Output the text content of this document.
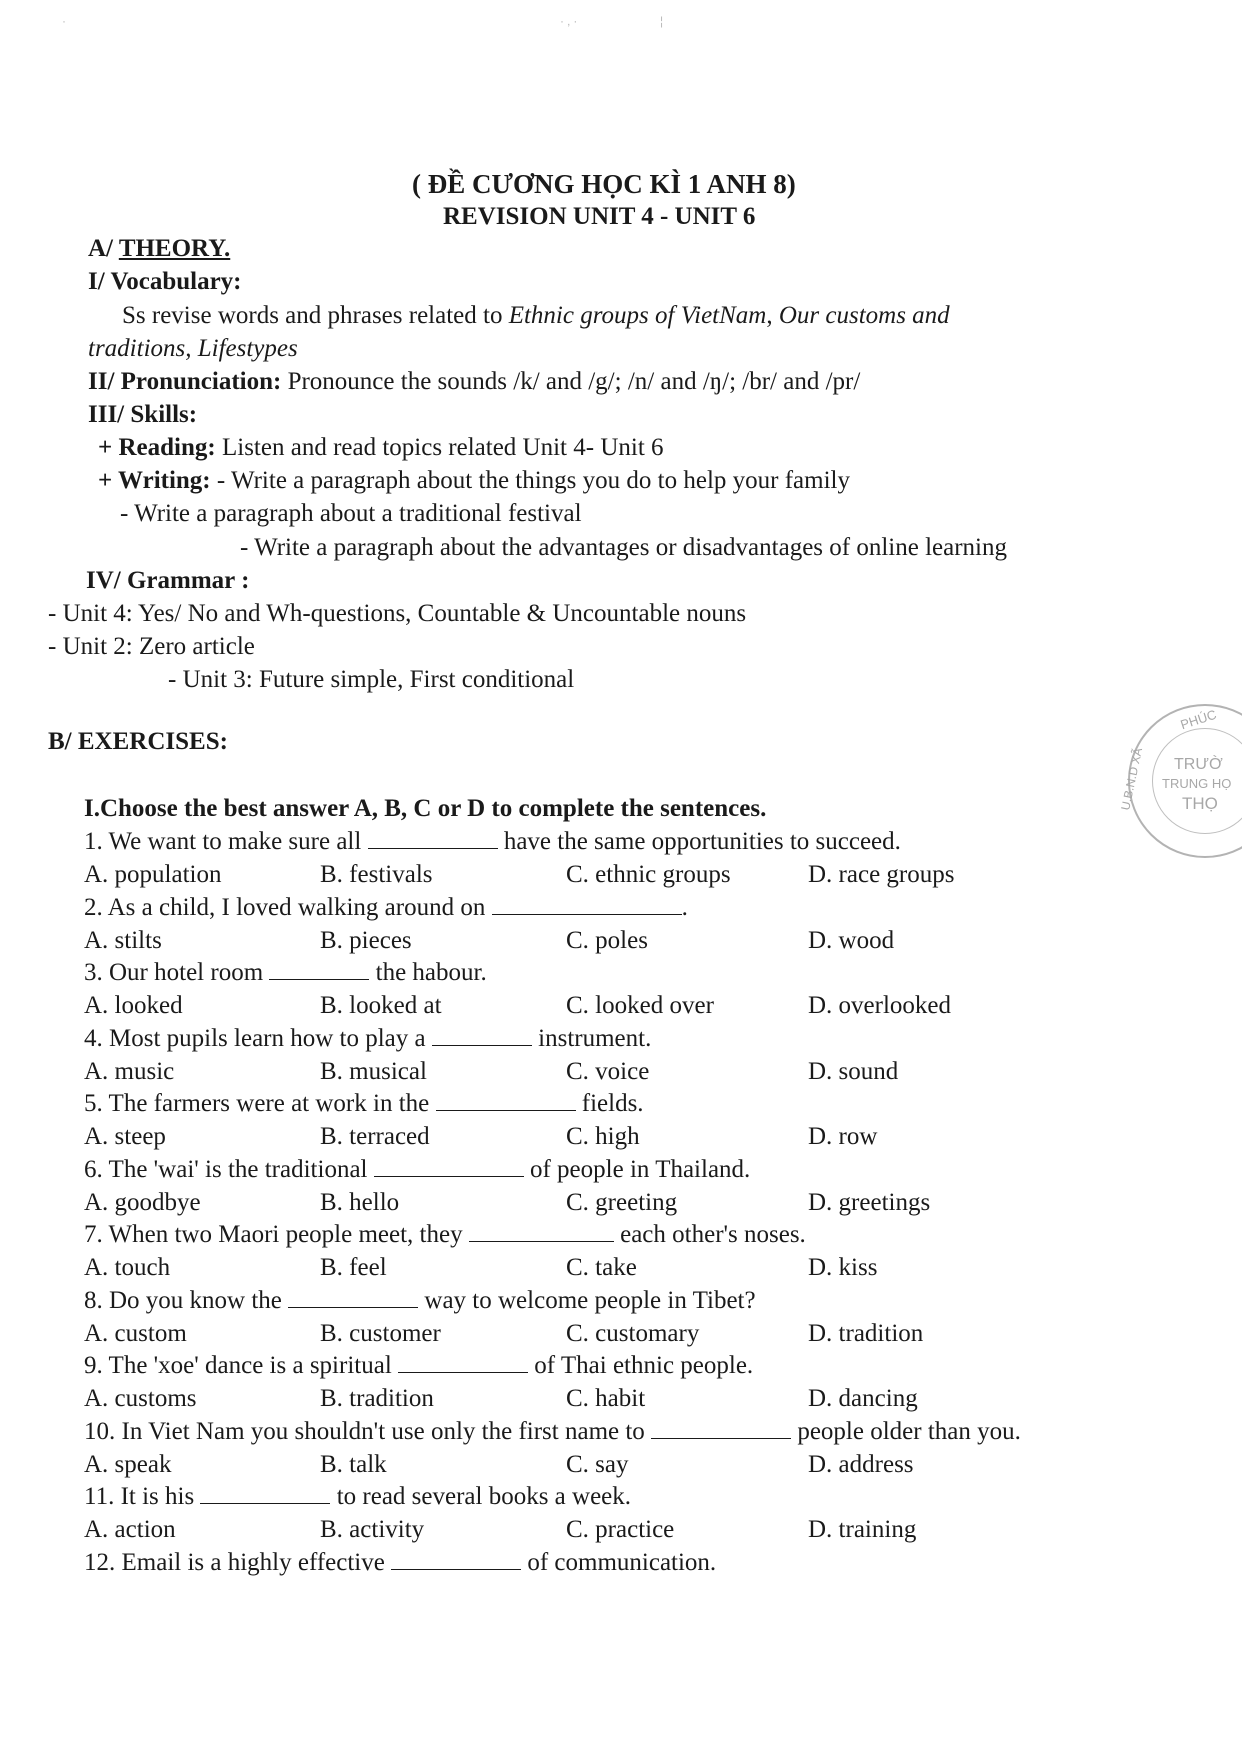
·	· ‚ ·	¦
( ĐỀ CƯƠNG HỌC KÌ 1 ANH 8)
REVISION UNIT 4 - UNIT 6
A/ THEORY.
I/ Vocabulary:
Ss revise words and phrases related to Ethnic groups of VietNam, Our customs and
traditions, Lifestypes
II/ Pronunciation: Pronounce the sounds /k/ and /g/; /n/ and /ŋ/; /br/ and /pr/
III/ Skills:
+ Reading: Listen and read topics related Unit 4- Unit 6
+ Writing: - Write a paragraph about the things you do to help your family
- Write a paragraph about a traditional festival
- Write a paragraph about the advantages or disadvantages of online learning
IV/ Grammar :
- Unit 4: Yes/ No and Wh-questions, Countable & Uncountable nouns
- Unit 2: Zero article
- Unit 3: Future simple, First conditional
B/ EXERCISES:
I.Choose the best answer A, B, C or D to complete the sentences.
1. We want to make sure all	have the same opportunities to succeed.
A. population	B. festivals	C. ethnic groups	D. race groups
2. As a child, I loved walking around on	.
A. stilts	B. pieces	C. poles	D. wood
3. Our hotel room	the habour.
A. looked	B. looked at	C. looked over	D. overlooked
4. Most pupils learn how to play a	instrument.
A. music	B. musical	C. voice	D. sound
5. The farmers were at work in the	fields.
A. steep	B. terraced	C. high	D. row
6. The 'wai' is the traditional	of people in Thailand.
A. goodbye	B. hello	C. greeting	D. greetings
7. When two Maori people meet, they	each other's noses.
A. touch	B. feel	C. take	D. kiss
8. Do you know the	way to welcome people in Tibet?
A. custom	B. customer	C. customary	D. tradition
9. The 'xoe' dance is a spiritual	of Thai ethnic people.
A. customs	B. tradition	C. habit	D. dancing
10. In Viet Nam you shouldn't use only the first name to	people older than you.
A. speak	B. talk	C. say	D. address
11. It is his	to read several books a week.
A. action	B. activity	C. practice	D. training
12. Email is a highly effective	of communication.
PHÚC
U.B.N.D XÃ TRƯỜ
TRUNG HỌ
THỌ
